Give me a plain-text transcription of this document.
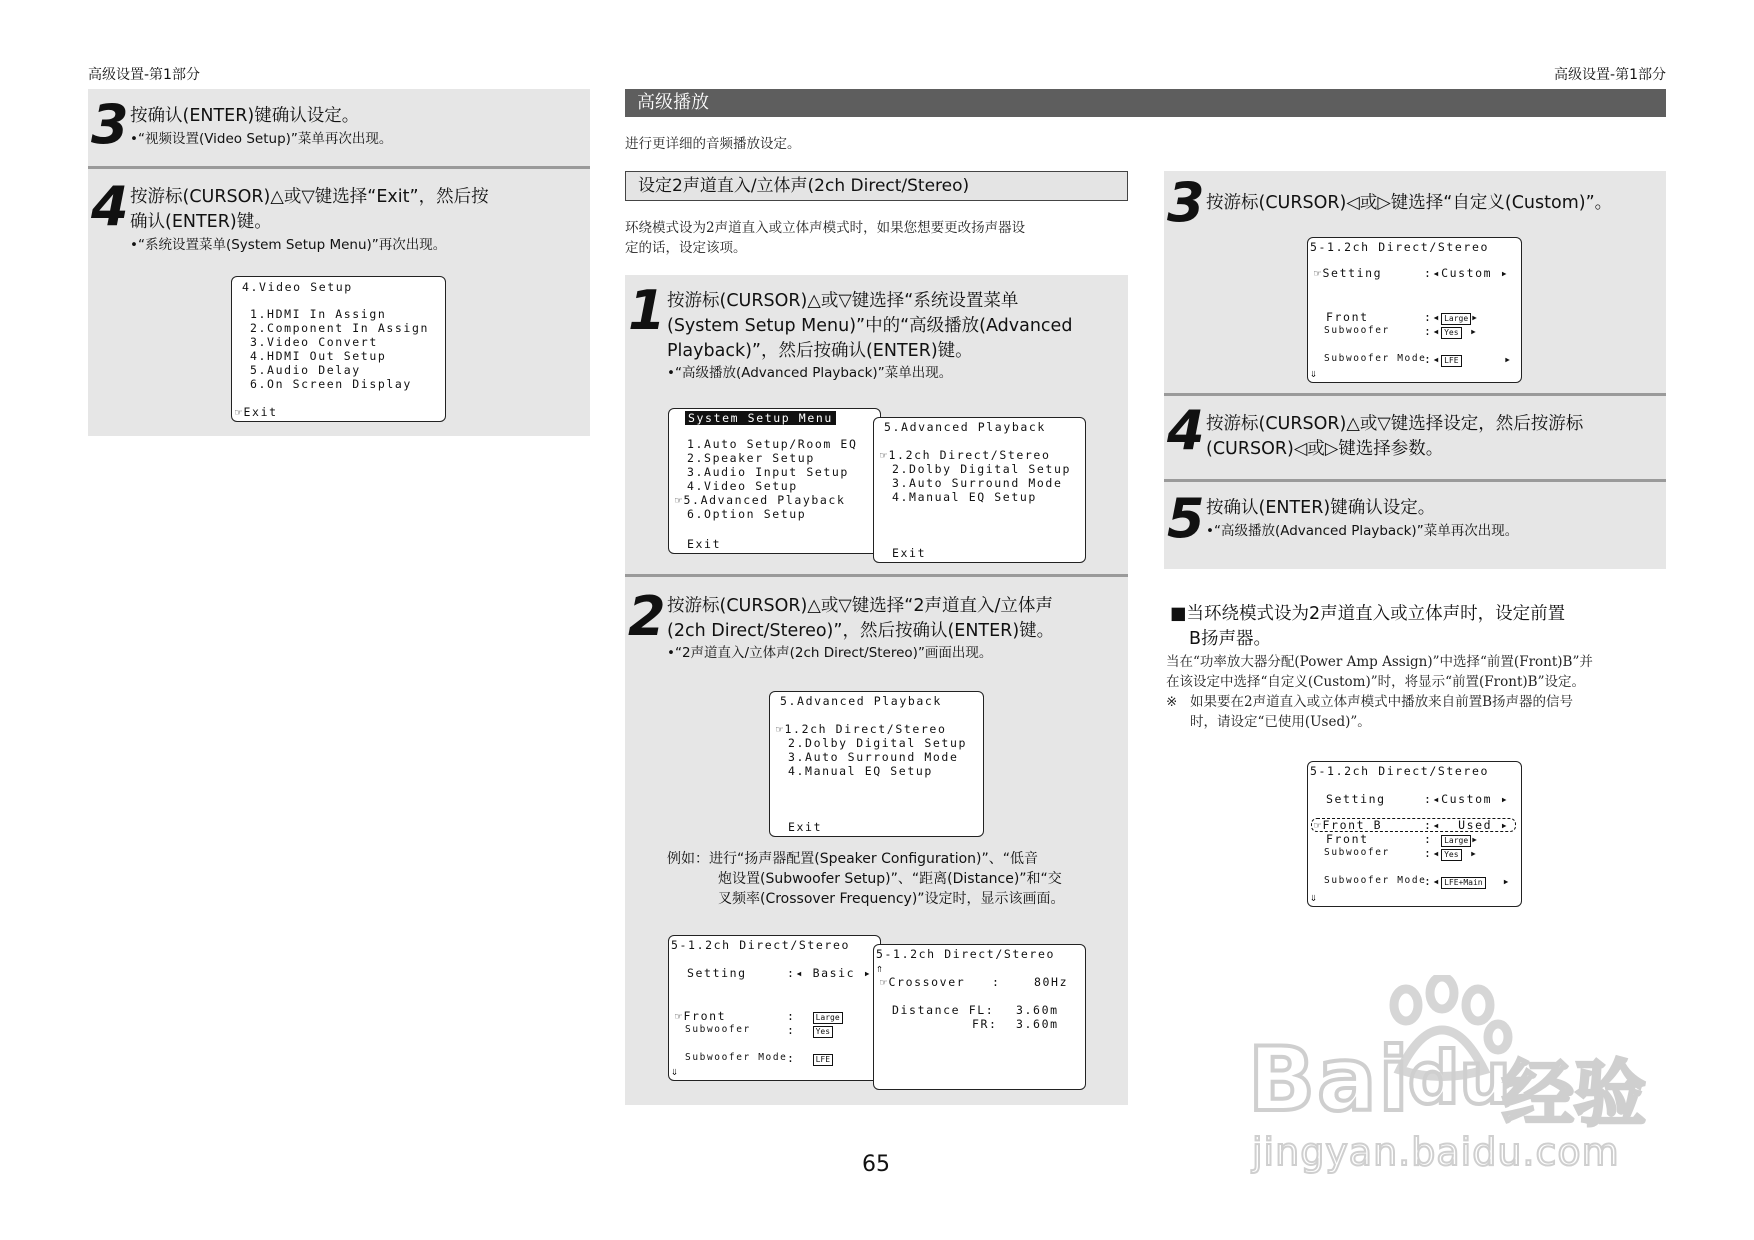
高级设置-第1部分	高级设置-第1部分
3 按确认(ENTER)键确认设定。
•“视频设置(Video Setup)”菜单再次出现。
4 按游标(CURSOR)△或▽键选择“Exit”，然后按
确认(ENTER)键。
•“系统设置菜单(System Setup Menu)”再次出现。
4.Video Setup
1.HDMI In Assign
2.Component In Assign
3.Video Convert
4.HDMI Out Setup
5.Audio Delay
6.On Screen Display
☞Exit
高级播放
进行更详细的音频播放设定。
设定2声道直入/立体声(2ch Direct/Stereo)
环绕模式设为2声道直入或立体声模式时，如果您想要更改扬声器设
定的话，设定该项。
1 按游标(CURSOR)△或▽键选择“系统设置菜单
(System Setup Menu)”中的“高级播放(Advanced
Playback)”，然后按确认(ENTER)键。
•“高级播放(Advanced Playback)”菜单出现。
System Setup Menu
1.Auto Setup/Room EQ
2.Speaker Setup
3.Audio Input Setup
4.Video Setup
☞5.Advanced Playback
6.Option Setup
Exit
5.Advanced Playback
☞1.2ch Direct/Stereo
2.Dolby Digital Setup
3.Auto Surround Mode
4.Manual EQ Setup
Exit
2 按游标(CURSOR)△或▽键选择“2声道直入/立体声
(2ch Direct/Stereo)”，然后按确认(ENTER)键。
•“2声道直入/立体声(2ch Direct/Stereo)”画面出现。
5.Advanced Playback
☞1.2ch Direct/Stereo
2.Dolby Digital Setup
3.Auto Surround Mode
4.Manual EQ Setup
Exit
例如：进行“扬声器配置(Speaker Configuration)”、“低音
炮设置(Subwoofer Setup)”、“距离(Distance)”和“交
叉频率(Crossover Frequency)”设定时，显示该画面。
5-1.2ch Direct/Stereo
Setting	:◂ Basic ▸
☞Front	:  Large
Subwoofer	:  Yes
Subwoofer Mode :  LFE
⇓
5-1.2ch Direct/Stereo
⇑
☞Crossover :	80Hz
Distance FL: 3.60m
FR: 3.60m
3 按游标(CURSOR)◁或▷键选择“自定义(Custom)”。
5-1.2ch Direct/Stereo
☞Setting	:◂Custom ▸
Front	:◂ Large ▸
Subwoofer	:◂ Yes ▸
Subwoofer Mode
:◂ LFE     ▸
⇓
4 按游标(CURSOR)△或▽键选择设定，然后按游标
(CURSOR)◁或▷键选择参数。
5 按确认(ENTER)键确认设定。
•“高级播放(Advanced Playback)”菜单再次出现。
■当环绕模式设为2声道直入或立体声时，设定前置
B扬声器。
当在“功率放大器分配(Power Amp Assign)”中选择“前置(Front)B”并
在该设定中选择“自定义(Custom)”时，将显示“前置(Front)B”设定。
※ 如果要在2声道直入或立体声模式中播放来自前置B扬声器的信号
时，请设定“已使用(Used)”。
5-1.2ch Direct/Stereo
Setting	:◂Custom ▸
☞Front B	:◂  Used ▸
Front	: Large ▸
Subwoofer	:◂ Yes ▸
Subwoofer Mode
:◂ LFE+Main  ▸
⇓
65
Bai
du
经验
jingyan.baidu.com
